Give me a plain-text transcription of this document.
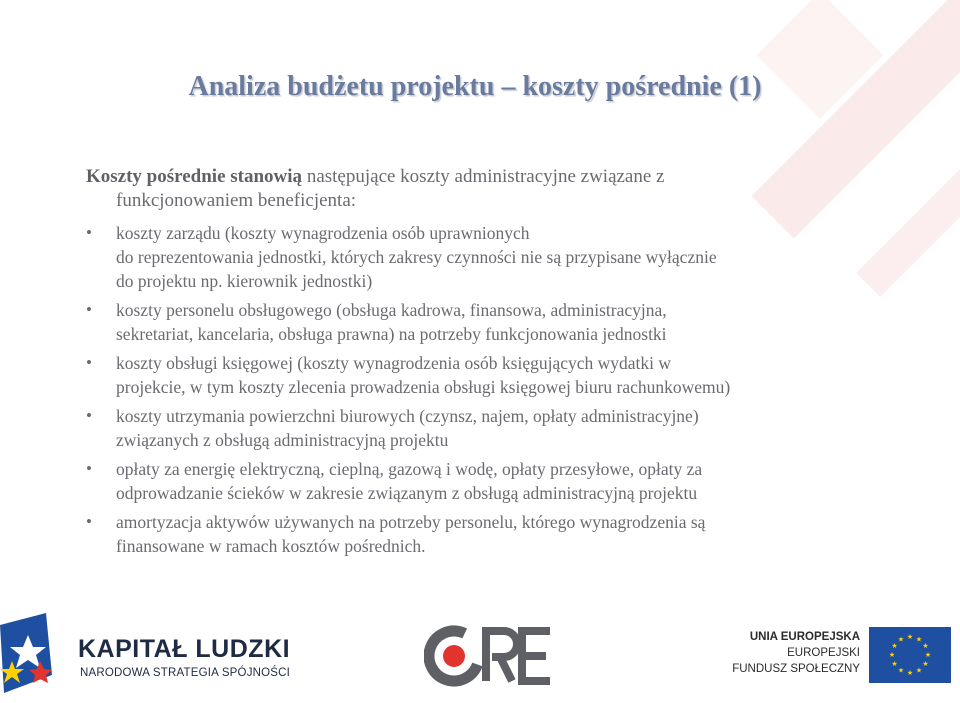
Analiza budżetu projektu – koszty pośrednie (1)

Koszty pośrednie stanowią następujące koszty administracyjne związane z
funkcjonowaniem beneficjenta:

• koszty zarządu (koszty wynagrodzenia osób uprawnionych
do reprezentowania jednostki, których zakresy czynności nie są przypisane wyłącznie
do projektu np. kierownik jednostki)
• koszty personelu obsługowego (obsługa kadrowa, finansowa, administracyjna,
sekretariat, kancelaria, obsługa prawna) na potrzeby funkcjonowania jednostki
• koszty obsługi księgowej (koszty wynagrodzenia osób księgujących wydatki w
projekcie, w tym koszty zlecenia prowadzenia obsługi księgowej biuru rachunkowemu)
• koszty utrzymania powierzchni biurowych (czynsz, najem, opłaty administracyjne)
związanych z obsługą administracyjną projektu
• opłaty za energię elektryczną, cieplną, gazową i wodę, opłaty przesyłowe, opłaty za
odprowadzanie ścieków w zakresie związanym z obsługą administracyjną projektu
• amortyzacja aktywów używanych na potrzeby personelu, którego wynagrodzenia są
finansowane w ramach kosztów pośrednich.
KAPITAŁ LUDZKI
NARODOWA STRATEGIA SPÓJNOŚCI
UNIA EUROPEJSKA
EUROPEJSKI
FUNDUSZ SPOŁECZNY
★ ★
★
★
★
★
★
★
★
★
★
★
